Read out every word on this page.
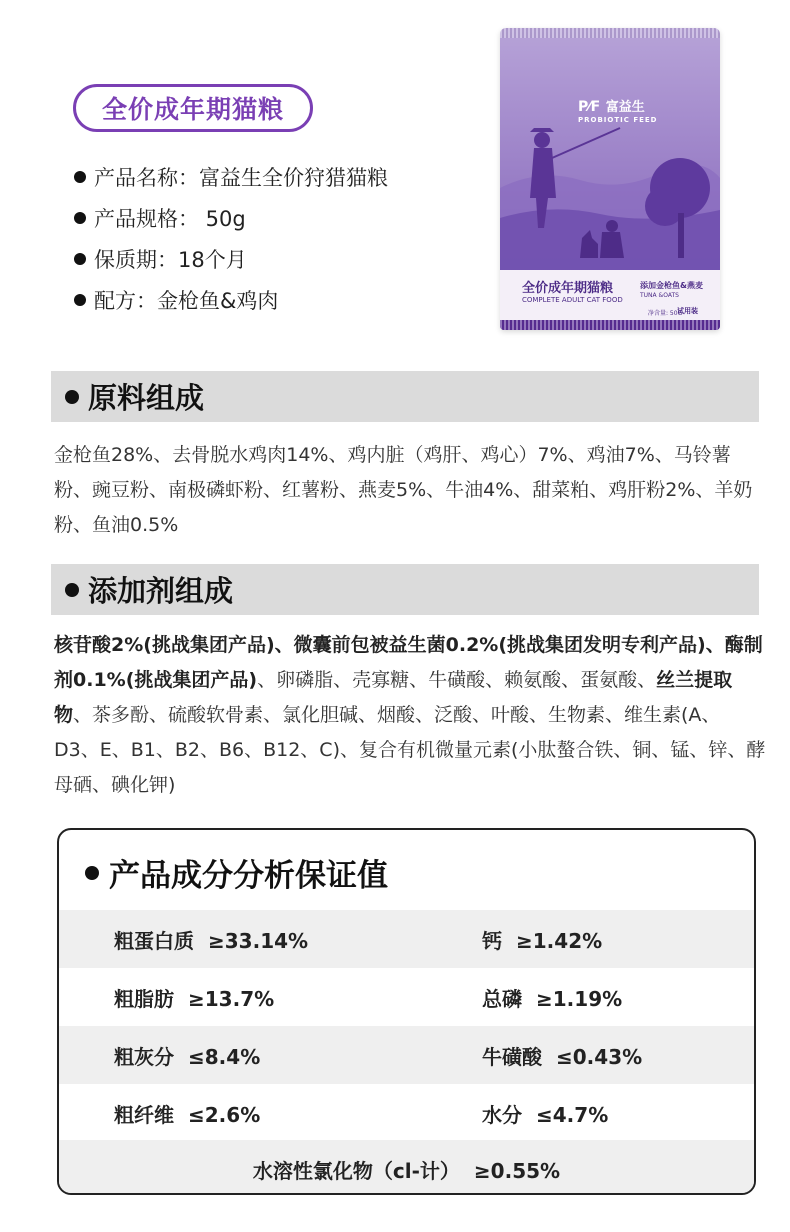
全价成年期猫粮
产品名称：富益生全价狩猎猫粮
产品规格： 50g
保质期：18个月
配方：金枪鱼&鸡肉
P⁄F 富益生
PROBIOTIC FEED
全价成年期猫粮
COMPLETE ADULT CAT FOOD
添加金枪鱼&燕麦
TUNA &OATS
净含量: 50G
试用装
原料组成

金枪鱼28%、去骨脱水鸡肉14%、鸡内脏（鸡肝、鸡心）7%、鸡油7%、马铃薯粉、豌豆粉、南极磷虾粉、红薯粉、燕麦5%、牛油4%、甜菜粕、鸡肝粉2%、羊奶粉、鱼油0.5%

添加剂组成

核苷酸2%(挑战集团产品)、微囊前包被益生菌0.2%(挑战集团发明专利产品)、酶制剂0.1%(挑战集团产品)、卵磷脂、壳寡糖、牛磺酸、赖氨酸、蛋氨酸、丝兰提取物、茶多酚、硫酸软骨素、氯化胆碱、烟酸、泛酸、叶酸、生物素、维生素(A、D3、E、B1、B2、B6、B12、C)、复合有机微量元素(小肽螯合铁、铜、锰、锌、酵母硒、碘化钾)

产品成分分析保证值
粗蛋白质 ≥33.14%	钙 ≥1.42%
粗脂肪 ≥13.7%	总磷 ≥1.19%
粗灰分 ≤8.4%	牛磺酸 ≤0.43%
粗纤维 ≤2.6%	水分 ≤4.7%
水溶性氯化物（cl-计） ≥0.55%
